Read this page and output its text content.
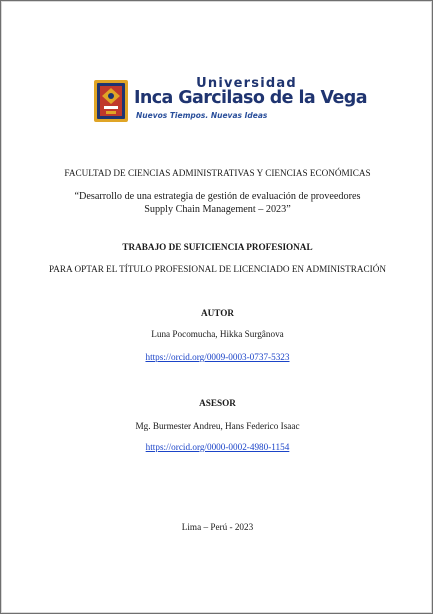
Universidad
Inca Garcilaso de la Vega
Nuevos Tiempos. Nuevas Ideas
FACULTAD DE CIENCIAS ADMINISTRATIVAS Y CIENCIAS ECONÓMICAS
“Desarrollo de una estrategia de gestión de evaluación de proveedores
Supply Chain Management – 2023”
TRABAJO DE SUFICIENCIA PROFESIONAL
PARA OPTAR EL TÍTULO PROFESIONAL DE LICENCIADO EN ADMINISTRACIÓN
AUTOR
Luna Pocomucha, Hikka Surgânova
https://orcid.org/0009-0003-0737-5323
ASESOR
Mg. Burmester Andreu, Hans Federico Isaac
https://orcid.org/0000-0002-4980-1154
Lima – Perú - 2023
